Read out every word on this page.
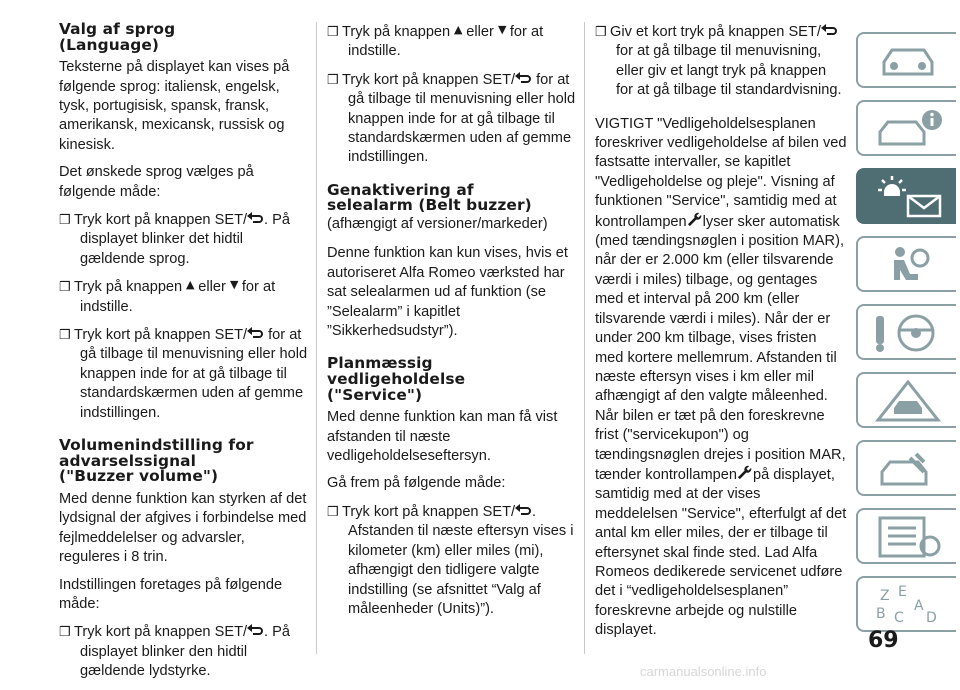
Valg af sprog
(Language)

Teksterne på displayet kan vises på følgende sprog: italiensk, engelsk, tysk, portugisisk, spansk, fransk, amerikansk, mexicansk, russisk og kinesisk.

Det ønskede sprog vælges på følgende måde:

❒ Tryk kort på knappen SET/ . På displayet blinker det hidtil gældende sprog.
❒ Tryk på knappen eller for at indstille.
❒ Tryk kort på knappen SET/ for at gå tilbage til menuvisning eller hold knappen inde for at gå tilbage til standardskærmen uden af gemme indstillingen.
Volumenindstilling for
advarselssignal
("Buzzer volume")

Med denne funktion kan styrken af det lydsignal der afgives i forbindelse med fejlmeddelelser og advarsler, reguleres i 8 trin.

Indstillingen foretages på følgende måde:

❒ Tryk kort på knappen SET/ . På displayet blinker den hidtil gældende lydstyrke.
❒ Tryk på knappen eller for at indstille.
❒ Tryk kort på knappen SET/ for at gå tilbage til menuvisning eller hold knappen inde for at gå tilbage til standardskærmen uden af gemme indstillingen.
Genaktivering af
selealarm (Belt buzzer)

(afhængigt af versioner/markeder)

Denne funktion kan kun vises, hvis et autoriseret Alfa Romeo værksted har sat selealarmen ud af funktion (se ”Selealarm” i kapitlet ”Sikkerhedsudstyr”).

Planmæssig
vedligeholdelse
("Service")

Med denne funktion kan man få vist afstanden til næste vedligeholdelseseftersyn.

Gå frem på følgende måde:

❒ Tryk kort på knappen SET/ . Afstanden til næste eftersyn vises i kilometer (km) eller miles (mi), afhængigt den tidligere valgte indstilling (se afsnittet “Valg af måleenheder (Units)”).
❒ Giv et kort tryk på knappen SET/ for at gå tilbage til menuvisning, eller giv et langt tryk på knappen for at gå tilbage til standardvisning.

VIGTIGT "Vedligeholdelsesplanen foreskriver vedligeholdelse af bilen ved fastsatte intervaller, se kapitlet "Vedligeholdelse og pleje". Visning af funktionen "Service", samtidig med at kontrollampen lyser sker automatisk (med tændingsnøglen i position MAR), når der er 2.000 km (eller tilsvarende værdi i miles) tilbage, og gentages med et interval på 200 km (eller tilsvarende værdi i miles). Når der er under 200 km tilbage, vises fristen med kortere mellemrum. Afstanden til næste eftersyn vises i km eller mil afhængigt af den valgte måleenhed. Når bilen er tæt på den foreskrevne frist ("servicekupon") og tændingsnøglen drejes i position MAR, tænder kontrollampen på displayet, samtidig med at der vises meddelelsen "Service", efterfulgt af det antal km eller miles, der er tilbage til eftersynet skal finde sted. Lad Alfa Romeos dedikerede servicenet udføre det i “vedligeholdelsesplanen” foreskrevne arbejde og nulstille displayet.

Z E
A
B C D
69
carmanualsonline.info
